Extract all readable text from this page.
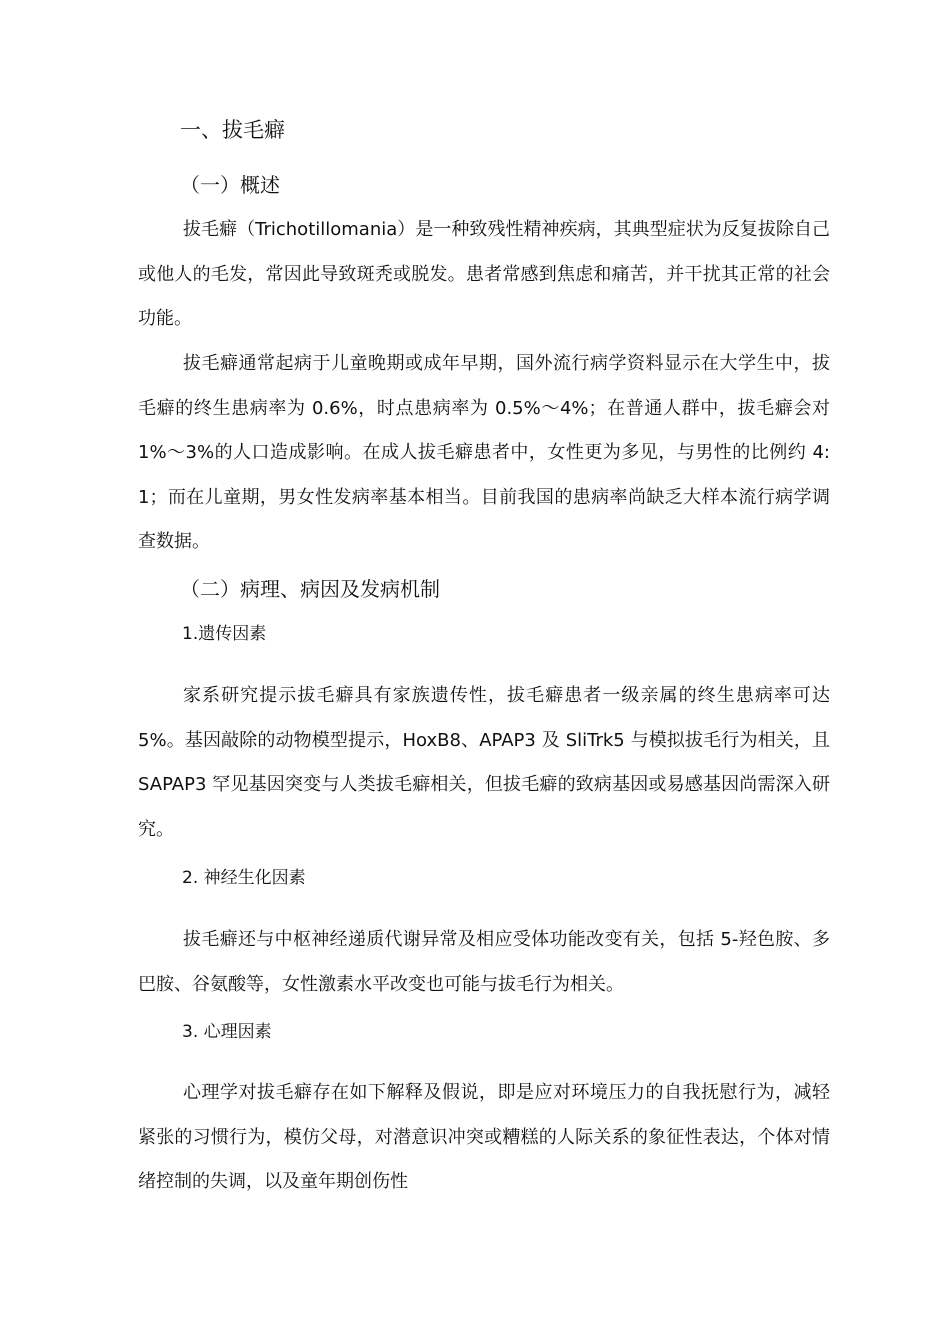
一、拔毛癖
（一）概述

拔毛癖（Trichotillomania）是一种致残性精神疾病，其典型症状为反复拔除自己或他人的毛发，常因此导致斑秃或脱发。患者常感到焦虑和痛苦，并干扰其正常的社会功能。

拔毛癖通常起病于儿童晚期或成年早期，国外流行病学资料显示在大学生中，拔毛癖的终生患病率为 0.6%，时点患病率为 0.5%～4%；在普通人群中，拔毛癖会对 1%～3%的人口造成影响。在成人拔毛癖患者中，女性更为多见，与男性的比例约 4:1；而在儿童期，男女性发病率基本相当。目前我国的患病率尚缺乏大样本流行病学调查数据。

（二）病理、病因及发病机制
1.遗传因素

家系研究提示拔毛癖具有家族遗传性，拔毛癖患者一级亲属的终生患病率可达 5%。基因敲除的动物模型提示，HoxB8、APAP3 及 SliTrk5 与模拟拔毛行为相关，且 SAPAP3 罕见基因突变与人类拔毛癖相关，但拔毛癖的致病基因或易感基因尚需深入研究。

2. 神经生化因素

拔毛癖还与中枢神经递质代谢异常及相应受体功能改变有关，包括 5-羟色胺、多巴胺、谷氨酸等，女性激素水平改变也可能与拔毛行为相关。

3. 心理因素

心理学对拔毛癖存在如下解释及假说，即是应对环境压力的自我抚慰行为，减轻紧张的习惯行为，模仿父母，对潜意识冲突或糟糕的人际关系的象征性表达，个体对情绪控制的失调，以及童年期创伤性
